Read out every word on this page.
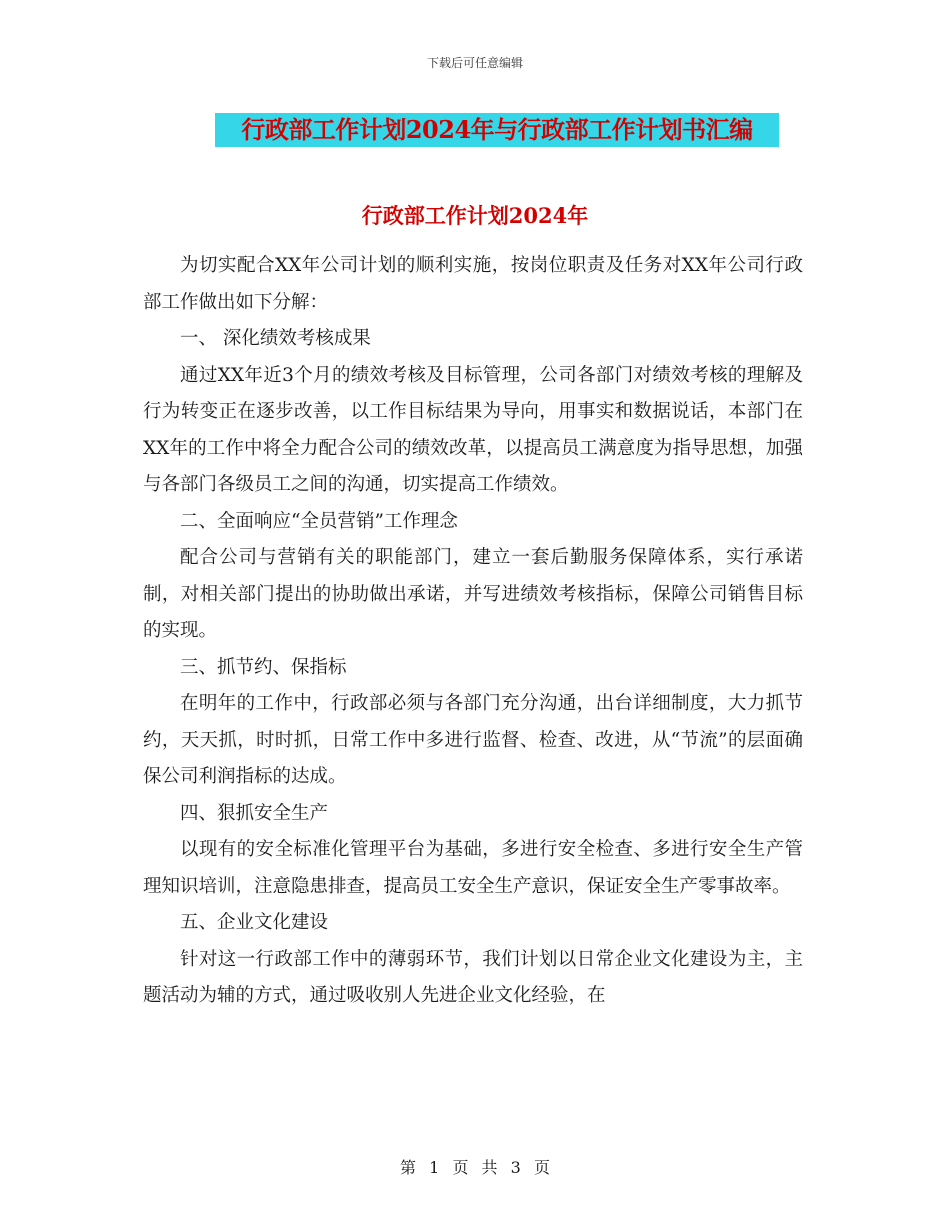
下载后可任意编辑
行政部工作计划2024年与行政部工作计划书汇编
行政部工作计划2024年

为切实配合XX年公司计划的顺利实施，按岗位职责及任务对XX年公司行政部工作做出如下分解：

一、 深化绩效考核成果

通过XX年近3个月的绩效考核及目标管理，公司各部门对绩效考核的理解及行为转变正在逐步改善，以工作目标结果为导向，用事实和数据说话，本部门在XX年的工作中将全力配合公司的绩效改革，以提高员工满意度为指导思想，加强与各部门各级员工之间的沟通，切实提高工作绩效。

二、全面响应“全员营销”工作理念

配合公司与营销有关的职能部门，建立一套后勤服务保障体系，实行承诺制，对相关部门提出的协助做出承诺，并写进绩效考核指标，保障公司销售目标的实现。

三、抓节约、保指标

在明年的工作中，行政部必须与各部门充分沟通，出台详细制度，大力抓节约，天天抓，时时抓，日常工作中多进行监督、检查、改进，从“节流”的层面确保公司利润指标的达成。

四、狠抓安全生产

以现有的安全标准化管理平台为基础，多进行安全检查、多进行安全生产管理知识培训，注意隐患排查，提高员工安全生产意识，保证安全生产零事故率。

五、企业文化建设

针对这一行政部工作中的薄弱环节，我们计划以日常企业文化建设为主，主题活动为辅的方式，通过吸收别人先进企业文化经验，在

第 1 页 共 3 页
